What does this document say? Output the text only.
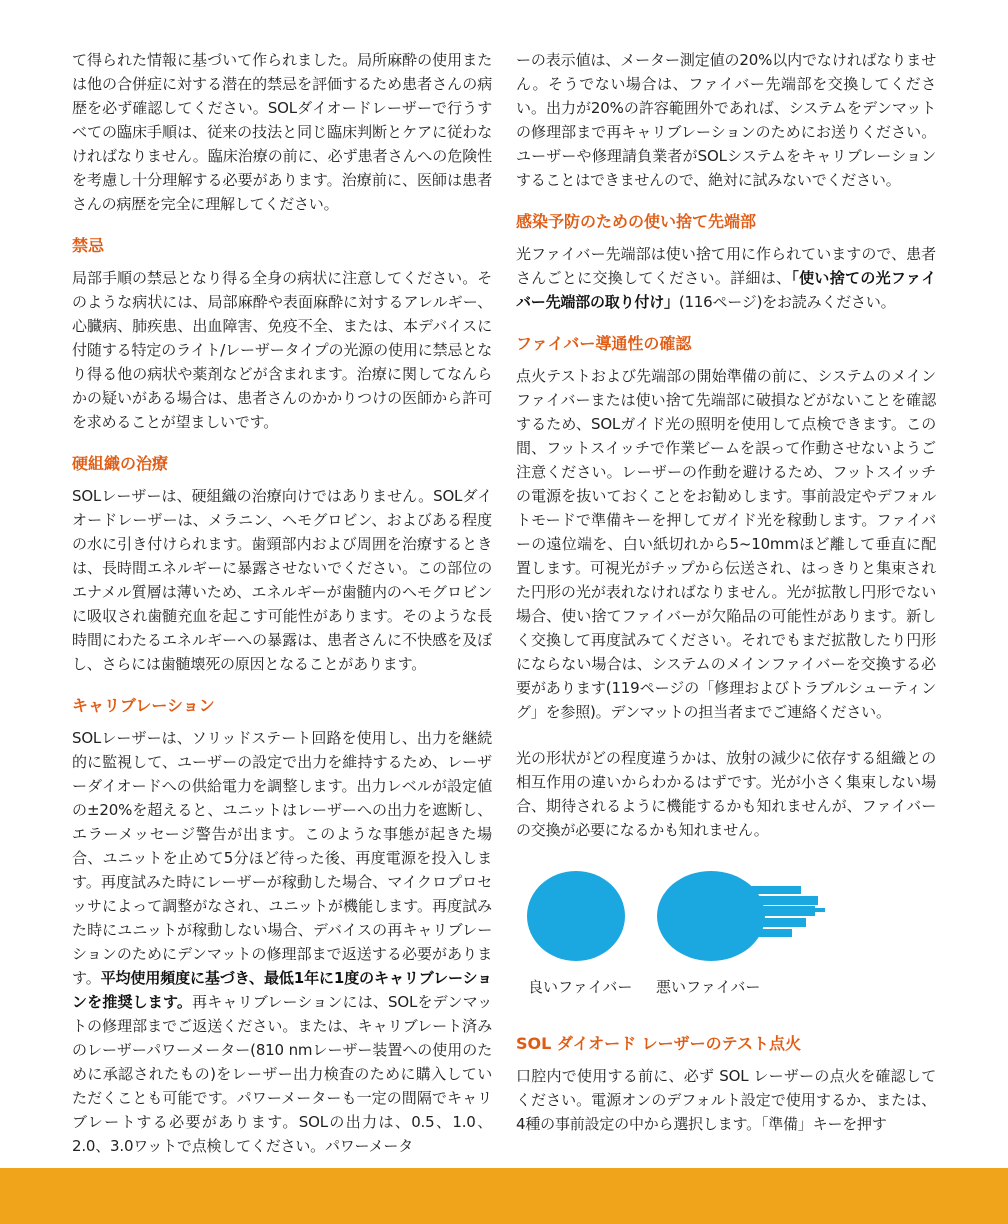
て得られた情報に基づいて作られました。局所麻酔の使用または他の合併症に対する潜在的禁忌を評価するため患者さんの病歴を必ず確認してください。SOLダイオードレーザーで行うすべての臨床手順は、従来の技法と同じ臨床判断とケアに従わなければなりません。臨床治療の前に、必ず患者さんへの危険性を考慮し十分理解する必要があります。治療前に、医師は患者さんの病歴を完全に理解してください。

禁忌

局部手順の禁忌となり得る全身の病状に注意してください。そのような病状には、局部麻酔や表面麻酔に対するアレルギー、心臓病、肺疾患、出血障害、免疫不全、または、本デバイスに付随する特定のライト/レーザータイプの光源の使用に禁忌となり得る他の病状や薬剤などが含まれます。治療に関してなんらかの疑いがある場合は、患者さんのかかりつけの医師から許可を求めることが望ましいです。

硬組織の治療

SOLレーザーは、硬組織の治療向けではありません。SOLダイオードレーザーは、メラニン、ヘモグロビン、およびある程度の水に引き付けられます。歯頸部内および周囲を治療するときは、長時間エネルギーに暴露させないでください。この部位のエナメル質層は薄いため、エネルギーが歯髄内のヘモグロビンに吸収され歯髄充血を起こす可能性があります。そのような長時間にわたるエネルギーへの暴露は、患者さんに不快感を及ぼし、さらには歯髄壊死の原因となることがあります。

キャリブレーション

SOLレーザーは、ソリッドステート回路を使用し、出力を継続的に監視して、ユーザーの設定で出力を維持するため、レーザーダイオードへの供給電力を調整します。出力レベルが設定値の±20%を超えると、ユニットはレーザーへの出力を遮断し、エラーメッセージ警告が出ます。このような事態が起きた場合、ユニットを止めて5分ほど待った後、再度電源を投入します。再度試みた時にレーザーが稼動した場合、マイクロプロセッサによって調整がなされ、ユニットが機能します。再度試みた時にユニットが稼動しない場合、デバイスの再キャリブレーションのためにデンマットの修理部まで返送する必要があります。平均使用頻度に基づき、最低1年に1度のキャリブレーションを推奨します。再キャリブレーションには、SOLをデンマットの修理部までご返送ください。または、キャリブレート済みのレーザーパワーメーター(810 nmレーザー装置への使用のために承認されたもの)をレーザー出力検査のために購入していただくことも可能です。パワーメーターも一定の間隔でキャリブレートする必要があります。SOLの出力は、0.5、1.0、2.0、3.0ワットで点検してください。パワーメータ

ーの表示値は、メーター測定値の20%以内でなければなりません。そうでない場合は、ファイバー先端部を交換してください。出力が20%の許容範囲外であれば、システムをデンマットの修理部まで再キャリブレーションのためにお送りください。ユーザーや修理請負業者がSOLシステムをキャリブレーションすることはできませんので、絶対に試みないでください。

感染予防のための使い捨て先端部

光ファイバー先端部は使い捨て用に作られていますので、患者さんごとに交換してください。詳細は、「使い捨ての光ファイバー先端部の取り付け」(116ページ)をお読みください。

ファイバー導通性の確認

点火テストおよび先端部の開始準備の前に、システムのメインファイバーまたは使い捨て先端部に破損などがないことを確認するため、SOLガイド光の照明を使用して点検できます。この間、フットスイッチで作業ビームを誤って作動させないようご注意ください。レーザーの作動を避けるため、フットスイッチの電源を抜いておくことをお勧めします。事前設定やデフォルトモードで準備キーを押してガイド光を稼動します。ファイバーの遠位端を、白い紙切れから5~10mmほど離して垂直に配置します。可視光がチップから伝送され、はっきりと集束された円形の光が表れなければなりません。光が拡散し円形でない場合、使い捨てファイバーが欠陥品の可能性があります。新しく交換して再度試みてください。それでもまだ拡散したり円形にならない場合は、システムのメインファイバーを交換する必要があります(119ページの「修理およびトラブルシューティング」を参照)。デンマットの担当者までご連絡ください。

光の形状がどの程度違うかは、放射の減少に依存する組織との相互作用の違いからわかるはずです。光が小さく集束しない場合、期待されるように機能するかも知れませんが、ファイバーの交換が必要になるかも知れません。

良いファイバー 悪いファイバー
SOL ダイオード レーザーのテスト点火

口腔内で使用する前に、必ず SOL レーザーの点火を確認してください。電源オンのデフォルト設定で使用するか、または、4種の事前設定の中から選択します。「準備」キーを押す
